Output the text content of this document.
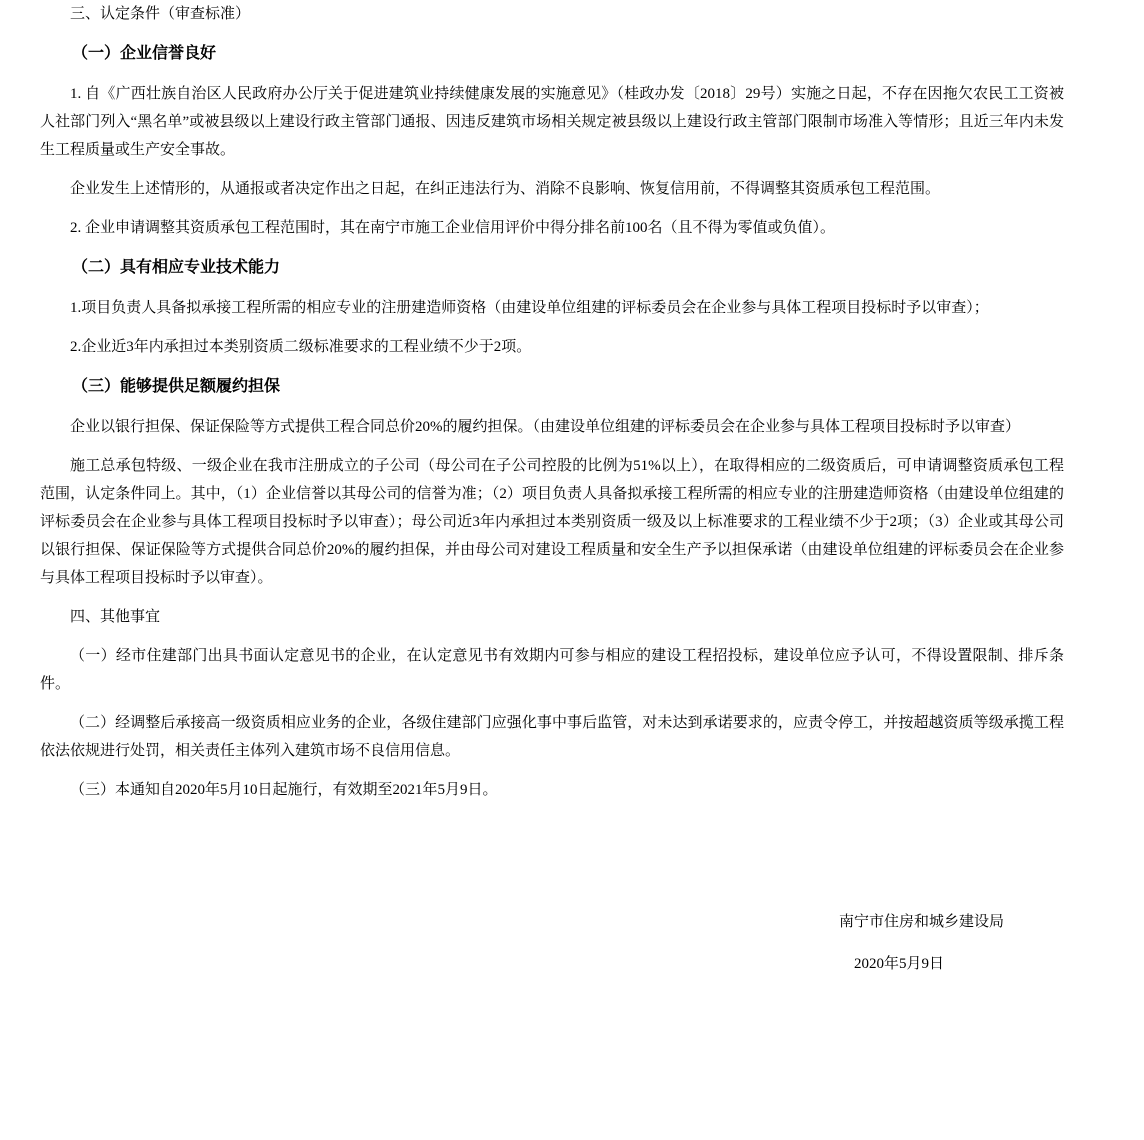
三、认定条件（审查标准）

（一）企业信誉良好

1. 自《广西壮族自治区人民政府办公厅关于促进建筑业持续健康发展的实施意见》（桂政办发〔2018〕29号）实施之日起，不存在因拖欠农民工工资被人社部门列入“黑名单”或被县级以上建设行政主管部门通报、因违反建筑市场相关规定被县级以上建设行政主管部门限制市场准入等情形；且近三年内未发生工程质量或生产安全事故。

企业发生上述情形的，从通报或者决定作出之日起，在纠正违法行为、消除不良影响、恢复信用前，不得调整其资质承包工程范围。

2. 企业申请调整其资质承包工程范围时，其在南宁市施工企业信用评价中得分排名前100名（且不得为零值或负值）。

（二）具有相应专业技术能力

1.项目负责人具备拟承接工程所需的相应专业的注册建造师资格（由建设单位组建的评标委员会在企业参与具体工程项目投标时予以审查）；

2.企业近3年内承担过本类别资质二级标准要求的工程业绩不少于2项。

（三）能够提供足额履约担保

企业以银行担保、保证保险等方式提供工程合同总价20%的履约担保。（由建设单位组建的评标委员会在企业参与具体工程项目投标时予以审查）

施工总承包特级、一级企业在我市注册成立的子公司（母公司在子公司控股的比例为51%以上），在取得相应的二级资质后，可申请调整资质承包工程范围，认定条件同上。其中，（1）企业信誉以其母公司的信誉为准；（2）项目负责人具备拟承接工程所需的相应专业的注册建造师资格（由建设单位组建的评标委员会在企业参与具体工程项目投标时予以审查）；母公司近3年内承担过本类别资质一级及以上标准要求的工程业绩不少于2项；（3）企业或其母公司以银行担保、保证保险等方式提供合同总价20%的履约担保，并由母公司对建设工程质量和安全生产予以担保承诺（由建设单位组建的评标委员会在企业参与具体工程项目投标时予以审查）。

四、其他事宜

（一）经市住建部门出具书面认定意见书的企业，在认定意见书有效期内可参与相应的建设工程招投标，建设单位应予认可，不得设置限制、排斥条件。

（二）经调整后承接高一级资质相应业务的企业，各级住建部门应强化事中事后监管，对未达到承诺要求的，应责令停工，并按超越资质等级承揽工程依法依规进行处罚，相关责任主体列入建筑市场不良信用信息。

（三）本通知自2020年5月10日起施行，有效期至2021年5月9日。

南宁市住房和城乡建设局

2020年5月9日
